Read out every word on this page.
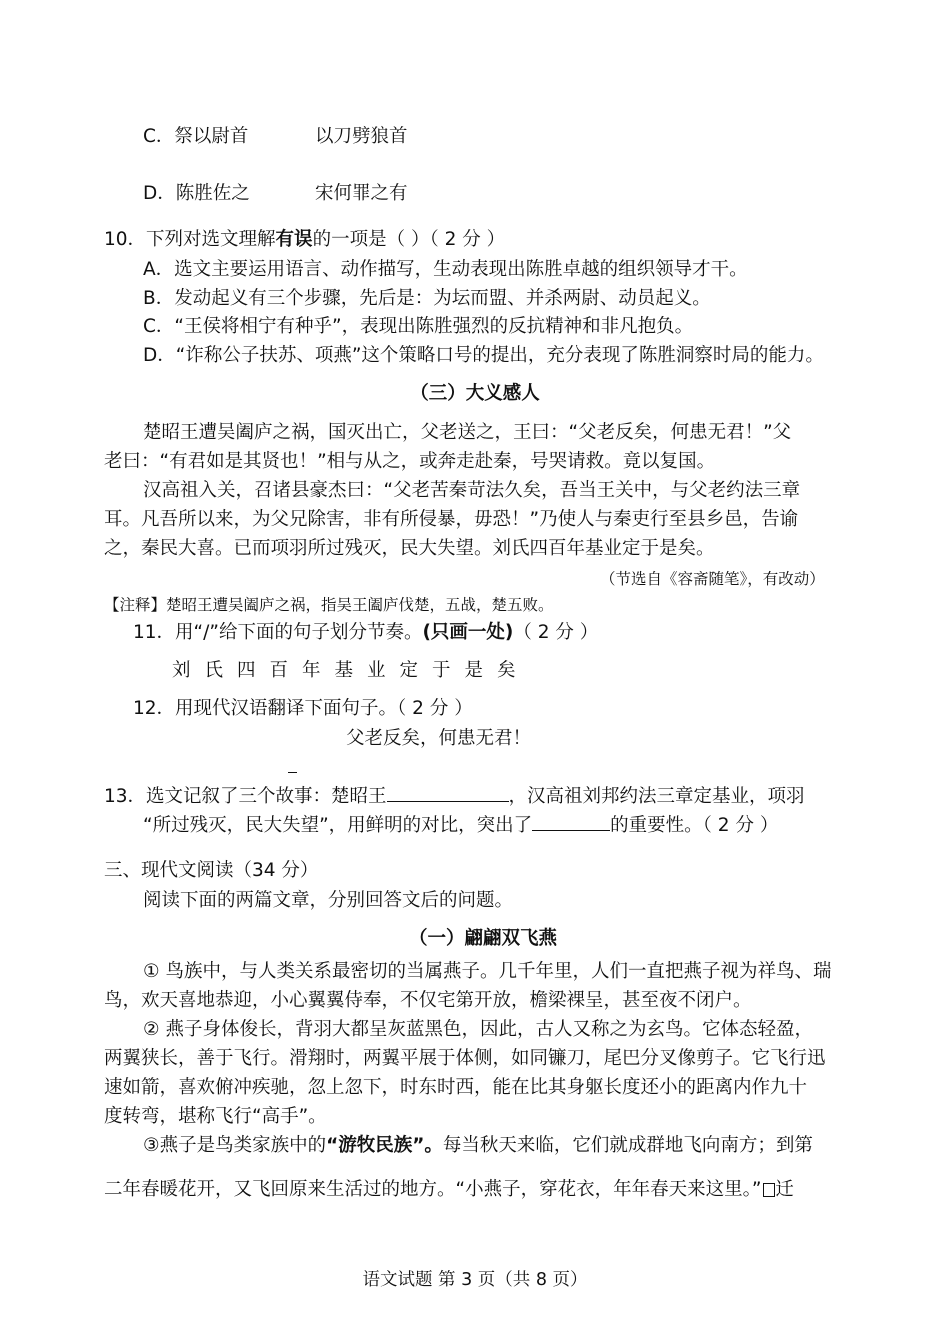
C．祭以尉首	以刀劈狼首
D．陈胜佐之	宋何罪之有
10．下列对选文理解有误的一项是（ ）（ 2 分 ）
A．选文主要运用语言、动作描写，生动表现出陈胜卓越的组织领导才干。
B．发动起义有三个步骤，先后是：为坛而盟、并杀两尉、动员起义。
C．“王侯将相宁有种乎”，表现出陈胜强烈的反抗精神和非凡抱负。
D．“诈称公子扶苏、项燕”这个策略口号的提出，充分表现了陈胜洞察时局的能力。
（三）大义感人
楚昭王遭吴阖庐之祸，国灭出亡，父老送之，王曰：“父老反矣，何患无君！”父
老曰：“有君如是其贤也！”相与从之，或奔走赴秦，号哭请救。竟以复国。
汉高祖入关，召诸县豪杰曰：“父老苦秦苛法久矣，吾当王关中，与父老约法三章
耳。凡吾所以来，为父兄除害，非有所侵暴，毋恐！”乃使人与秦吏行至县乡邑，告谕
之，秦民大喜。已而项羽所过残灭，民大失望。刘氏四百年基业定于是矣。
（节选自《容斋随笔》，有改动）
【注释】楚昭王遭吴阖庐之祸，指吴王阖庐伐楚，五战，楚五败。
11．用“/”给下面的句子划分节奏。(只画一处)（ 2 分 ）
刘氏四百年基业定于是矣
12．用现代汉语翻译下面句子。（ 2 分 ）
父老反矣，何患无君！
13．选文记叙了三个故事：楚昭王	，汉高祖刘邦约法三章定基业，项羽
“所过残灭，民大失望”，用鲜明的对比，突出了	的重要性。（ 2 分 ）
三、现代文阅读（34 分）
阅读下面的两篇文章，分别回答文后的问题。
（一）翩翩双飞燕
① 鸟族中，与人类关系最密切的当属燕子。几千年里，人们一直把燕子视为祥鸟、瑞
鸟，欢天喜地恭迎，小心翼翼侍奉，不仅宅第开放，檐梁裸呈，甚至夜不闭户。
② 燕子身体俊长，背羽大都呈灰蓝黑色，因此，古人又称之为玄鸟。它体态轻盈，
两翼狭长，善于飞行。滑翔时，两翼平展于体侧，如同镰刀，尾巴分叉像剪子。它飞行迅
速如箭，喜欢俯冲疾驰，忽上忽下，时东时西，能在比其身躯长度还小的距离内作九十
度转弯，堪称飞行“高手”。
③燕子是鸟类家族中的“游牧民族”。每当秋天来临，它们就成群地飞向南方；到第
二年春暖花开，又飞回原来生活过的地方。“小燕子，穿花衣，年年春天来这里。” 迁
语文试题 第 3 页（共 8 页）
